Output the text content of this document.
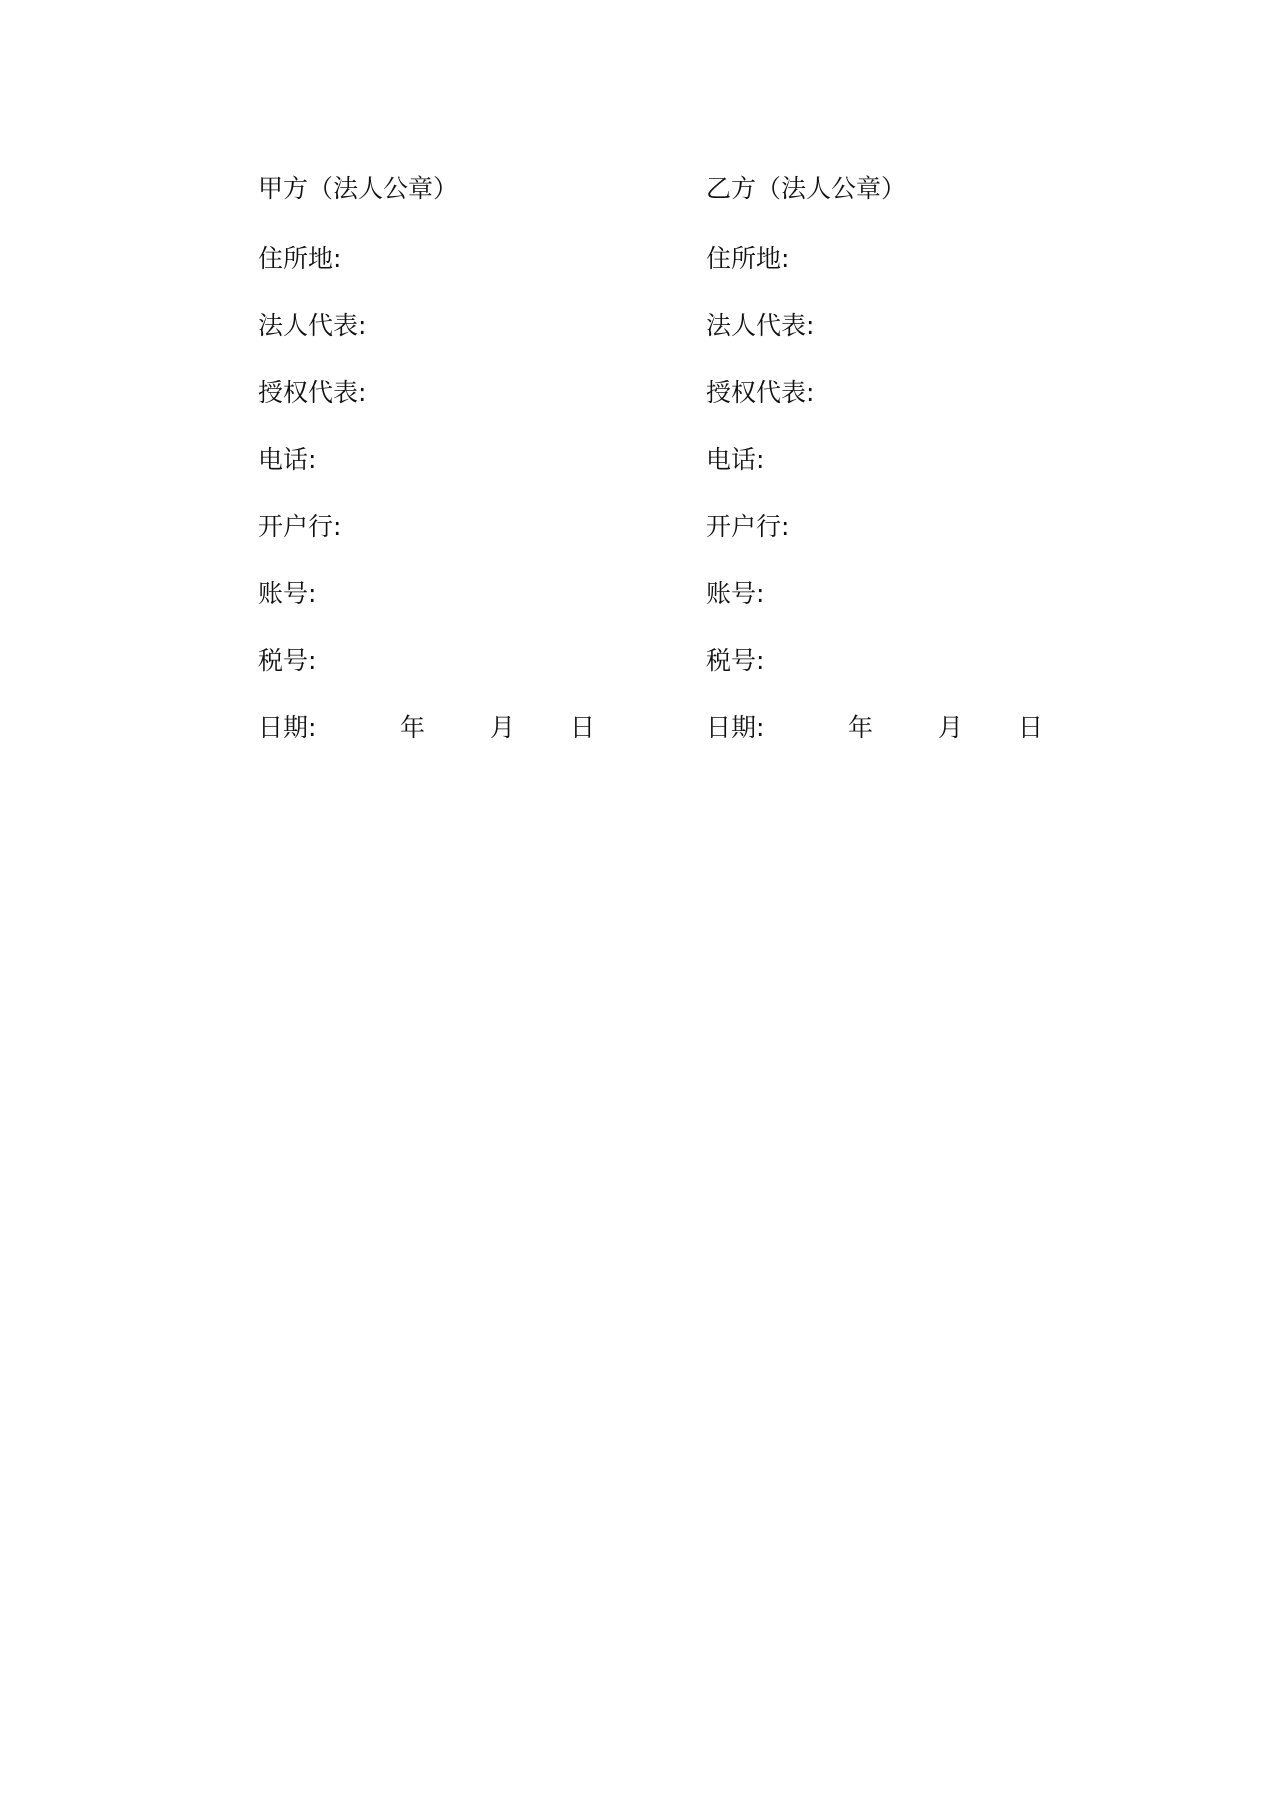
甲方（法人公章）
住所地:
法人代表:
授权代表:
电话:
开户行:
账号:
税号:
日期:	年	月 日
乙方（法人公章）
住所地:
法人代表:
授权代表:
电话:
开户行:
账号:
税号:
日期:	年	月 日
